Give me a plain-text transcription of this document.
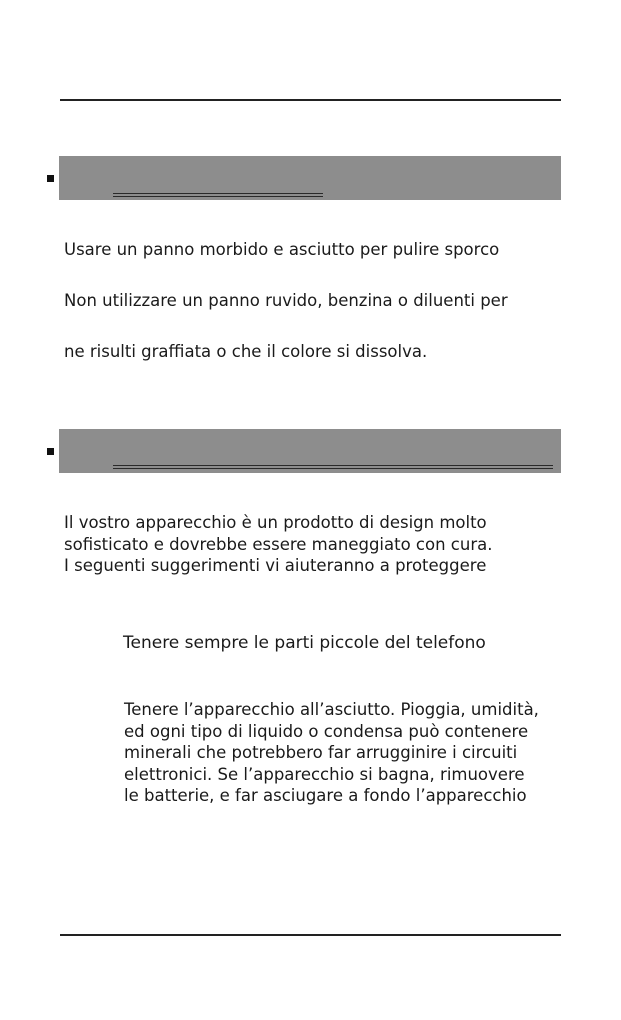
Usare un panno morbido e asciutto per pulire sporco
Non utilizzare un panno ruvido, benzina o diluenti per
ne risulti graffiata o che il colore si dissolva.
Il vostro apparecchio è un prodotto di design molto
sofisticato e dovrebbe essere maneggiato con cura.
I seguenti suggerimenti vi aiuteranno a proteggere
Tenere sempre le parti piccole del telefono
Tenere l’apparecchio all’asciutto. Pioggia, umidità,
ed ogni tipo di liquido o condensa può contenere
minerali che potrebbero far arrugginire i circuiti
elettronici. Se l’apparecchio si bagna, rimuovere
le batterie, e far asciugare a fondo l’apparecchio
